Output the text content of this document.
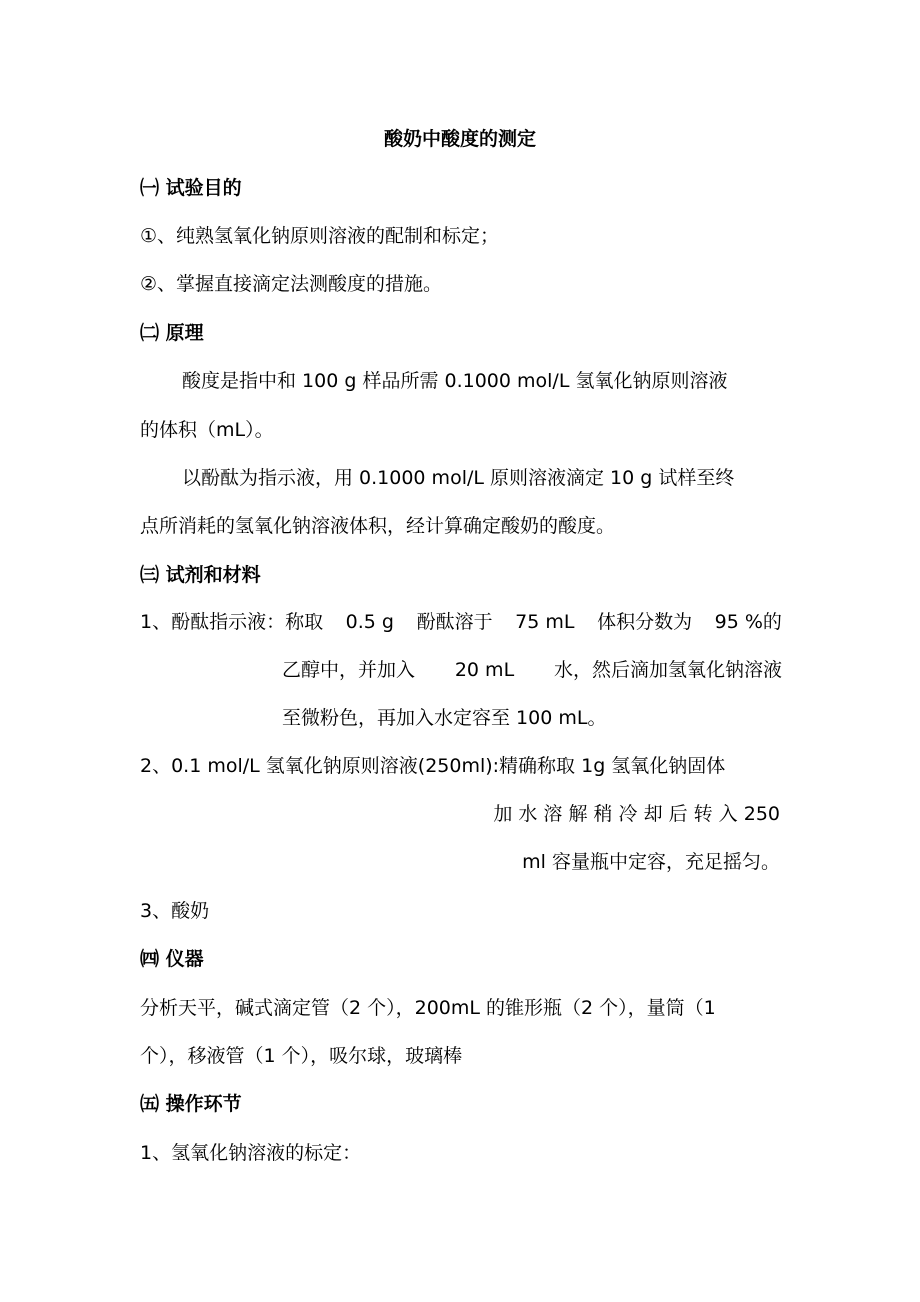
酸奶中酸度的测定
㈠ 试验目的
①、纯熟氢氧化钠原则溶液的配制和标定；
②、掌握直接滴定法测酸度的措施。
㈡ 原理
酸度是指中和 100 g 样品所需 0.1000 mol/L 氢氧化钠原则溶液
的体积（mL）。
以酚酞为指示液，用 0.1000 mol/L 原则溶液滴定 10 g 试样至终
点所消耗的氢氧化钠溶液体积，经计算确定酸奶的酸度。
㈢ 试剂和材料
1、酚酞指示液：称取 0.5 g 酚酞溶于 75 mL 体积分数为 95 %的
乙醇中，并加入 20 mL 水，然后滴加氢氧化钠溶液
至微粉色，再加入水定容至 100 mL。
2、0.1 mol/L 氢氧化钠原则溶液(250ml):精确称取 1g 氢氧化钠固体
加 水 溶 解 稍 冷 却 后 转 入 250
ml 容量瓶中定容，充足摇匀。
3、酸奶
㈣ 仪器
分析天平，碱式滴定管（2 个），200mL 的锥形瓶（2 个），量筒（1
个），移液管（1 个），吸尔球，玻璃棒
㈤ 操作环节
1、氢氧化钠溶液的标定：
